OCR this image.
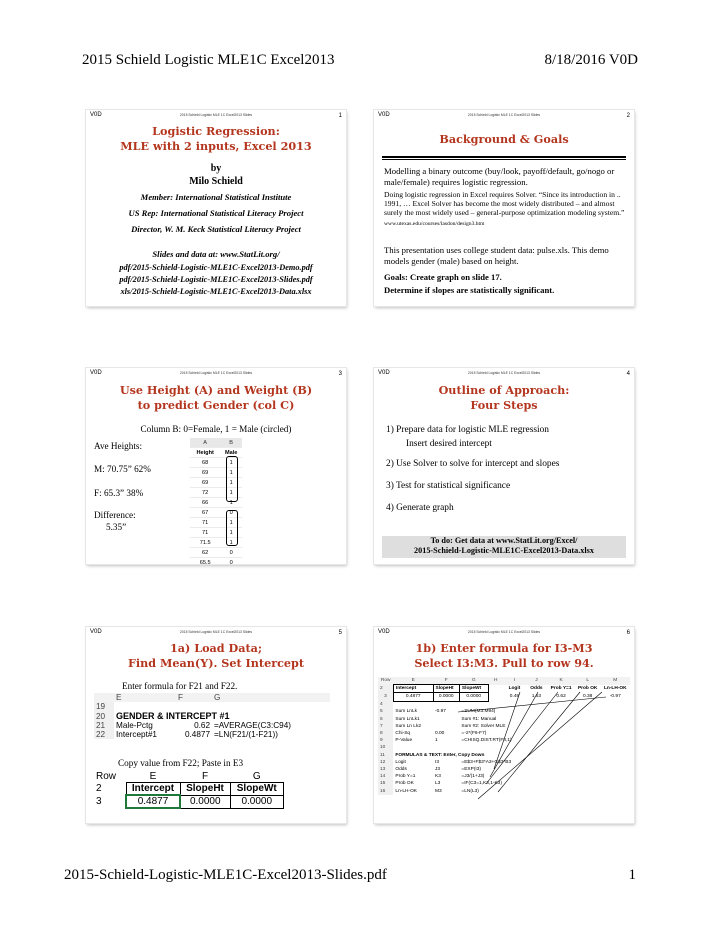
2015 Schield Logistic MLE1C Excel2013	8/18/2016 V0D
V0D	2015 Schield Logistic MLE 1C Excel2013 Slides	1
Logistic Regression:
MLE with 2 inputs, Excel 2013
by
Milo Schield
Member: International Statistical Institute
US Rep: International Statistical Literacy Project
Director, W. M. Keck Statistical Literacy Project
Slides and data at: www.StatLit.org/
pdf/2015-Schield-Logistic-MLE1C-Excel2013-Demo.pdf
pdf/2015-Schield-Logistic-MLE1C-Excel2013-Slides.pdf
xls/2015-Schield-Logistic-MLE1C-Excel2013-Data.xlsx
V0D	2015 Schield Logistic MLE 1C Excel2013 Slides	2
Background & Goals

Modelling a binary outcome (buy/look, payoff/default, go/nogo or male/female) requires logistic regression.

Doing logistic regression in Excel requires Solver. “Since its introduction in .. 1991, … Excel Solver has become the most widely distributed – and almost surely the most widely used – general-purpose optimization modeling system.” www.utexas.edu/courses/lasdon/design3.htm

This presentation uses college student data: pulse.xls. This demo models gender (male) based on height.

Goals: Create graph on slide 17.
Determine if slopes are statistically significant.
V0D	2015 Schield Logistic MLE 1C Excel2013 Slides	3
Use Height (A) and Weight (B)
to predict Gender (col C)
Column B: 0=Female, 1 = Male (circled)
Ave Heights:
M: 70.75” 62%
F: 65.3” 38%
Difference:
5.35”
A	B
Height	Male
68	1
69	1
69	1
72	1
66	1
67	0
71	1
71	1
71.5	1
62	0
65.5	0
V0D	2015 Schield Logistic MLE 1C Excel2013 Slides	4
Outline of Approach:
Four Steps
1) Prepare data for logistic MLE regression
Insert desired intercept
2) Use Solver to solve for intercept and slopes
3) Test for statistical significance
4) Generate graph
To do: Get data at www.StatLit.org/Excel/
2015-Schield-Logistic-MLE1C-Excel2013-Data.xlsx
V0D	2015 Schield Logistic MLE 1C Excel2013 Slides	5
1a) Load Data;
Find Mean(Y). Set Intercept
Enter formula for F21 and F22.
	E	F	G
19			
20	GENDER & INTERCEPT #1		
21	Male-Pctg	0.62	=AVERAGE(C3:C94)
22	Intercept#1	0.4877	=LN(F21/(1-F21))
Copy value from F22; Paste in E3
Row	E	F	G
2	Intercept	SlopeHt	SlopeWt
3	0.4877	0.0000	0.0000
V0D	2015 Schield Logistic MLE 1C Excel2013 Slides	6
1b) Enter formula for I3-M3
Select I3:M3. Pull to row 94.
Row	E	F	G	H	I	J	K	L	M
2	Intercept	SlopeHt	SlopeWt		Logit	Odds	Prob Y=1	Prob OK	Ln-LH-OK
3	0.4877	0.0000	0.0000		0.49	1.63	0.62	0.38	-0.97
4									
5	Sum LnLk	-0.97	=SUM(M3:M94)						
6	Sum LnLk1		Sum #1: Manual						
7	Sum Ln Lk2		Sum #2: Solver MLE						
8	Chi-Sq	0.00	=-2*(F6-F7)						
9	P-Value	1	=CHISQ.DIST.RT(F8,1)						
10									
11	FORMULAS & TEXT: Enter, Copy Down								
12	Logit	I3	=E$3+F$3*A3+G$3*B3						
13	Odds	J3	=EXP(I3)						
14	Prob Y=1	K3	=J3/(1+J3)						
15	Prob OK	L3	=IF(C3=1,K3,1-K3)						
16	Ln-LH-OK	M3	=LN(L3)						
2015-Schield-Logistic-MLE1C-Excel2013-Slides.pdf	1
